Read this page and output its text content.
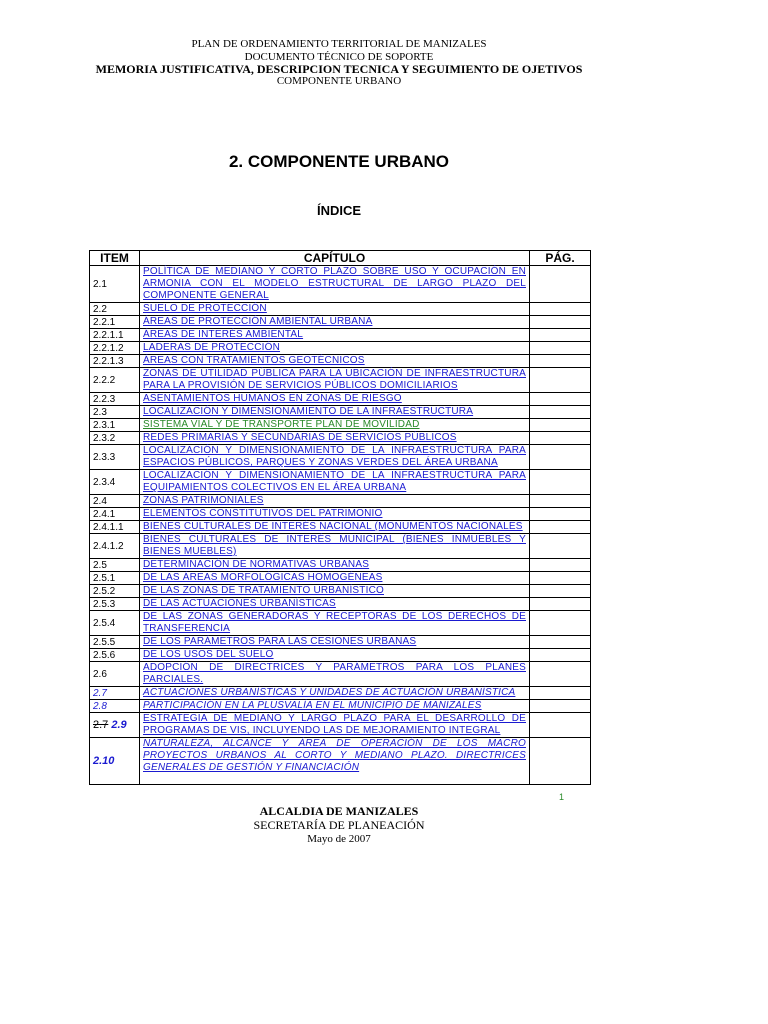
PLAN DE ORDENAMIENTO TERRITORIAL DE MANIZALES
DOCUMENTO TÉCNICO DE SOPORTE
MEMORIA JUSTIFICATIVA, DESCRIPCION TECNICA Y SEGUIMIENTO DE OJETIVOS
COMPONENTE URBANO
2. COMPONENTE URBANO
ÍNDICE
ITEM	CAPÍTULO	PÁG.
2.1	POLÍTICA DE MEDIANO Y CORTO PLAZO SOBRE USO Y OCUPACIÓN EN ARMONIA CON EL MODELO ESTRUCTURAL DE LARGO PLAZO DEL COMPONENTE GENERAL	
2.2	SUELO DE PROTECCIÓN	
2.2.1	ÁREAS DE PROTECCIÓN AMBIENTAL URBANA	
2.2.1.1	ÁREAS DE INTERÉS AMBIENTAL	
2.2.1.2	LADERAS DE PROTECCIÓN	
2.2.1.3	ÁREAS CON TRATAMIENTOS GEOTÉCNICOS	
2.2.2	ZONAS DE UTILIDAD PÚBLICA PARA LA UBICACIÓN DE INFRAESTRUCTURA PARA LA PROVISIÓN DE SERVICIOS PÚBLICOS DOMICILIARIOS	
2.2.3	ASENTAMIENTOS HUMANOS EN ZONAS DE RIESGO	
2.3	LOCALIZACIÓN Y DIMENSIONAMIENTO DE LA INFRAESTRUCTURA	
2.3.1	SISTEMA VIAL Y DE TRANSPORTE PLAN DE MOVILIDAD	
2.3.2	REDES PRIMARIAS Y SECUNDARIAS DE SERVICIOS PÚBLICOS	
2.3.3	LOCALIZACIÓN Y DIMENSIONAMIENTO DE LA INFRAESTRUCTURA PARA ESPACIOS PÚBLICOS, PARQUES Y ZONAS VERDES DEL ÁREA URBANA	
2.3.4	LOCALIZACIÓN Y DIMENSIONAMIENTO DE LA INFRAESTRUCTURA PARA EQUIPAMIENTOS COLECTIVOS EN EL ÁREA URBANA	
2.4	ZONAS PATRIMONIALES	
2.4.1	ELEMENTOS CONSTITUTIVOS DEL PATRIMONIO	
2.4.1.1	BIENES CULTURALES DE INTERÉS NACIONAL (MONUMENTOS NACIONALES	
2.4.1.2	BIENES CULTURALES DE INTERÉS MUNICIPAL (BIENES INMUEBLES Y BIENES MUEBLES)	
2.5	DETERMINACIÓN DE NORMATIVAS URBANAS	
2.5.1	DE LAS ÁREAS MORFOLÓGICAS HOMOGÉNEAS	
2.5.2	DE LAS ZONAS DE TRATAMIENTO URBANÍSTICO	
2.5.3	DE LAS ACTUACIONES URBANÍSTICAS	
2.5.4	DE LAS ZONAS GENERADORAS Y RECEPTORAS DE LOS DERECHOS DE TRANSFERENCIA	
2.5.5	DE LOS PARÁMETROS PARA LAS CESIONES URBANAS	
2.5.6	DE LOS USOS DEL SUELO	
2.6	ADOPCIÓN DE DIRECTRICES Y PARÁMETROS PARA LOS PLANES PARCIALES.	
2.7	ACTUACIONES URBANÍSTICAS Y UNIDADES DE ACTUACIÓN URBANÍSTICA	
2.8	PARTICIPACIÓN EN LA PLUSVALÍA EN EL MUNICIPIO DE MANIZALES	
2.7 2.9	ESTRATEGIA DE MEDIANO Y LARGO PLAZO PARA EL DESARROLLO DE PROGRAMAS DE VIS, INCLUYENDO LAS DE MEJORAMIENTO INTEGRAL	
2.10	NATURALEZA, ALCANCE Y ÁREA DE OPERACIÓN DE LOS MACRO PROYECTOS URBANOS AL CORTO Y MEDIANO PLAZO. DIRECTRICES GENERALES DE GESTIÓN Y FINANCIACIÓN	
1
ALCALDIA DE MANIZALES
SECRETARÍA DE PLANEACIÓN
Mayo de 2007
